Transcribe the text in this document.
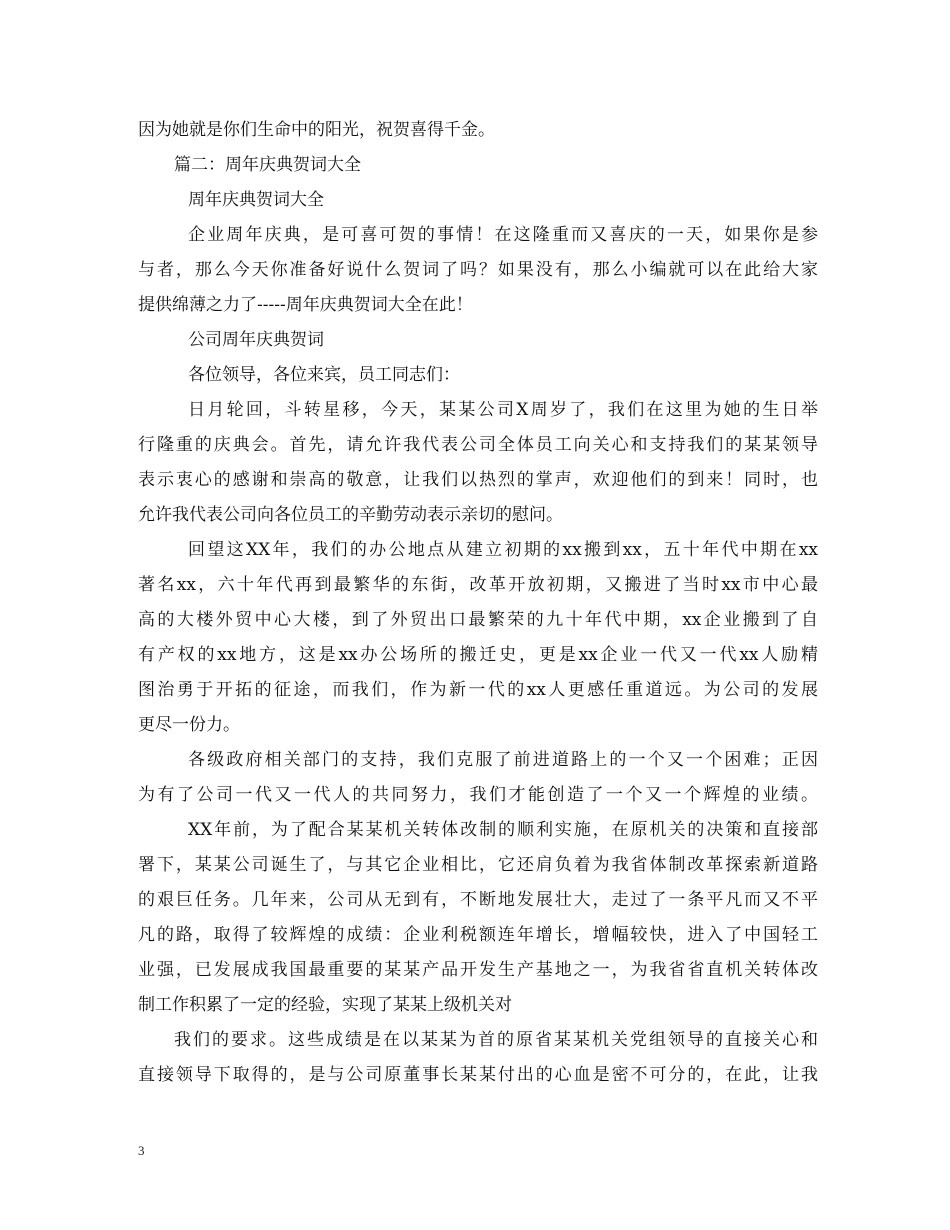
因为她就是你们生命中的阳光，祝贺喜得千金。
篇二：周年庆典贺词大全
周年庆典贺词大全
企业周年庆典，是可喜可贺的事情！在这隆重而又喜庆的一天，如果你是参
与者，那么今天你准备好说什么贺词了吗？如果没有，那么小编就可以在此给大家
提供绵薄之力了-----周年庆典贺词大全在此！
公司周年庆典贺词
各位领导，各位来宾，员工同志们：
日月轮回，斗转星移，今天，某某公司X周岁了，我们在这里为她的生日举
行隆重的庆典会。首先，请允许我代表公司全体员工向关心和支持我们的某某领导
表示衷心的感谢和崇高的敬意，让我们以热烈的掌声，欢迎他们的到来！同时，也
允许我代表公司向各位员工的辛勤劳动表示亲切的慰问。
回望这XX年，我们的办公地点从建立初期的xx搬到xx，五十年代中期在xx
著名xx，六十年代再到最繁华的东街，改革开放初期，又搬进了当时xx市中心最
高的大楼外贸中心大楼，到了外贸出口最繁荣的九十年代中期，xx企业搬到了自
有产权的xx地方，这是xx办公场所的搬迁史，更是xx企业一代又一代xx人励精
图治勇于开拓的征途，而我们，作为新一代的xx人更感任重道远。为公司的发展
更尽一份力。
各级政府相关部门的支持，我们克服了前进道路上的一个又一个困难；正因
为有了公司一代又一代人的共同努力，我们才能创造了一个又一个辉煌的业绩。
XX年前，为了配合某某机关转体改制的顺利实施，在原机关的决策和直接部
署下，某某公司诞生了，与其它企业相比，它还肩负着为我省体制改革探索新道路
的艰巨任务。几年来，公司从无到有，不断地发展壮大，走过了一条平凡而又不平
凡的路，取得了较辉煌的成绩：企业利税额连年增长，增幅较快，进入了中国轻工
业强，已发展成我国最重要的某某产品开发生产基地之一，为我省省直机关转体改
制工作积累了一定的经验，实现了某某上级机关对
我们的要求。这些成绩是在以某某为首的原省某某机关党组领导的直接关心和
直接领导下取得的，是与公司原董事长某某付出的心血是密不可分的，在此，让我
3
